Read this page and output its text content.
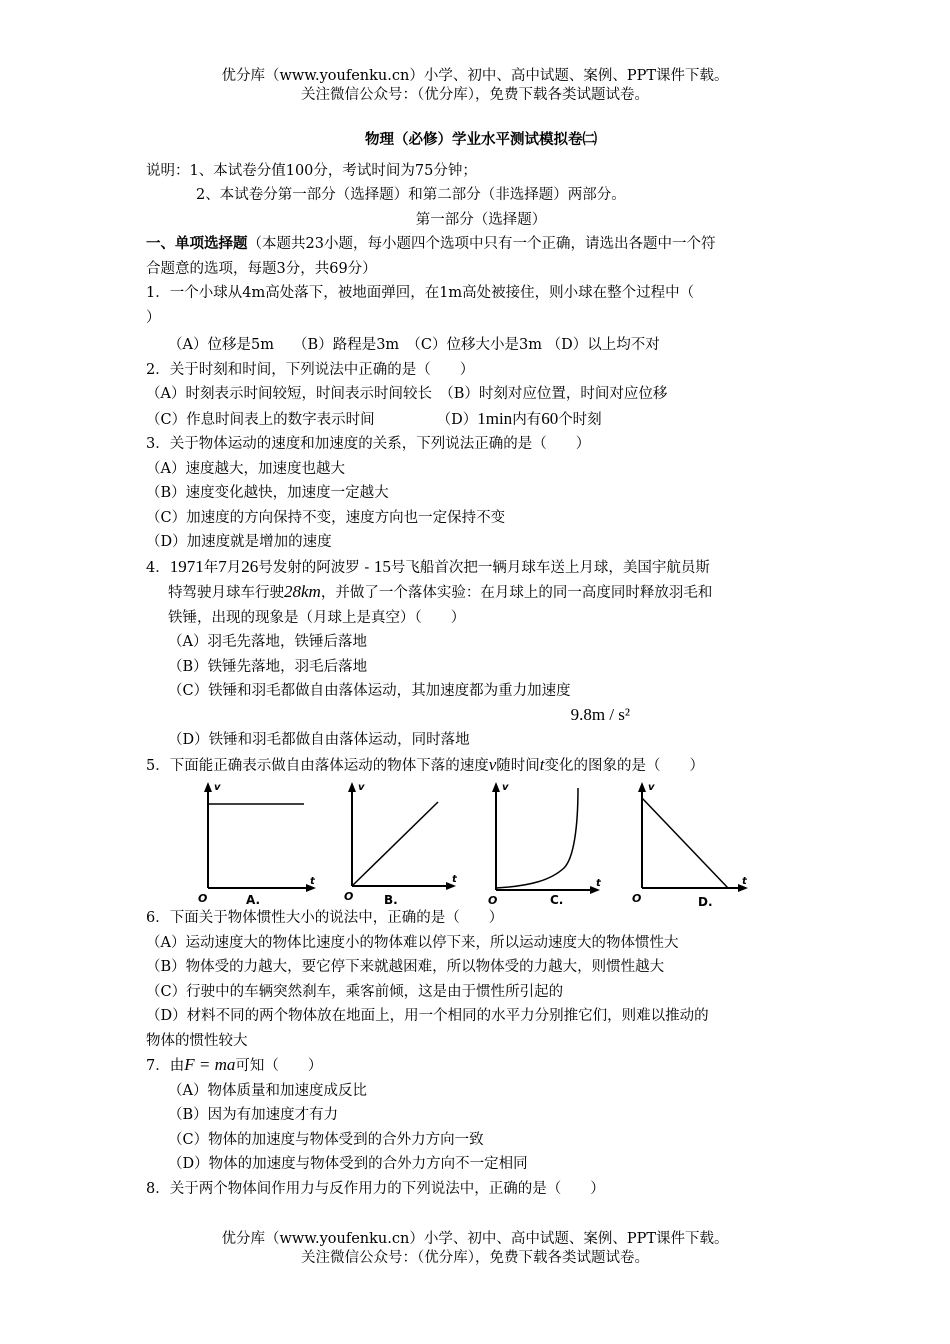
优分库（www.youfenku.cn）小学、初中、高中试题、案例、PPT课件下载。
关注微信公众号：（优分库），免费下载各类试题试卷。
物理（必修）学业水平测试模拟卷㈡
说明：1、本试卷分值100分，考试时间为75分钟；
2、本试卷分第一部分（选择题）和第二部分（非选择题）两部分。
第一部分（选择题）
一、单项选择题（本题共23小题，每小题四个选项中只有一个正确，请选出各题中一个符
合题意的选项，每题3分，共69分）
1．一个小球从4m高处落下，被地面弹回，在1m高处被接住，则小球在整个过程中（
）
（A）位移是5m　 （B）路程是3m　（C）位移大小是3m （D）以上均不对
2．关于时刻和时间，下列说法中正确的是（　　）
（A）时刻表示时间较短，时间表示时间较长　（B）时刻对应位置，时间对应位移
（C）作息时间表上的数字表示时间	（D）1min内有60个时刻
3．关于物体运动的速度和加速度的关系，下列说法正确的是（　　）
（A）速度越大，加速度也越大
（B）速度变化越快，加速度一定越大
（C）加速度的方向保持不变，速度方向也一定保持不变
（D）加速度就是增加的速度
4．1971年7月26号发射的阿波罗 - 15号飞船首次把一辆月球车送上月球，美国宇航员斯
特驾驶月球车行驶28km，并做了一个落体实验：在月球上的同一高度同时释放羽毛和
铁锤，出现的现象是（月球上是真空）（　　）
（A）羽毛先落地，铁锤后落地
（B）铁锤先落地，羽毛后落地
（C）铁锤和羽毛都做自由落体运动，其加速度都为重力加速度
9.8m / s²
（D）铁锤和羽毛都做自由落体运动，同时落地
5．下面能正确表示做自由落体运动的物体下落的速度v随时间t变化的图象的是（　　）
v
t
O	A.
v
t
O	B.
v
t
O	C.
v
t
O	D.
6．下面关于物体惯性大小的说法中，正确的是（　　）
（A）运动速度大的物体比速度小的物体难以停下来，所以运动速度大的物体惯性大
（B）物体受的力越大，要它停下来就越困难，所以物体受的力越大，则惯性越大
（C）行驶中的车辆突然刹车，乘客前倾，这是由于惯性所引起的
（D）材料不同的两个物体放在地面上，用一个相同的水平力分别推它们，则难以推动的
物体的惯性较大
7．由F = ma可知（　　）
（A）物体质量和加速度成反比
（B）因为有加速度才有力
（C）物体的加速度与物体受到的合外力方向一致
（D）物体的加速度与物体受到的合外力方向不一定相同
8．关于两个物体间作用力与反作用力的下列说法中，正确的是（　　）
优分库（www.youfenku.cn）小学、初中、高中试题、案例、PPT课件下载。
关注微信公众号：（优分库），免费下载各类试题试卷。
